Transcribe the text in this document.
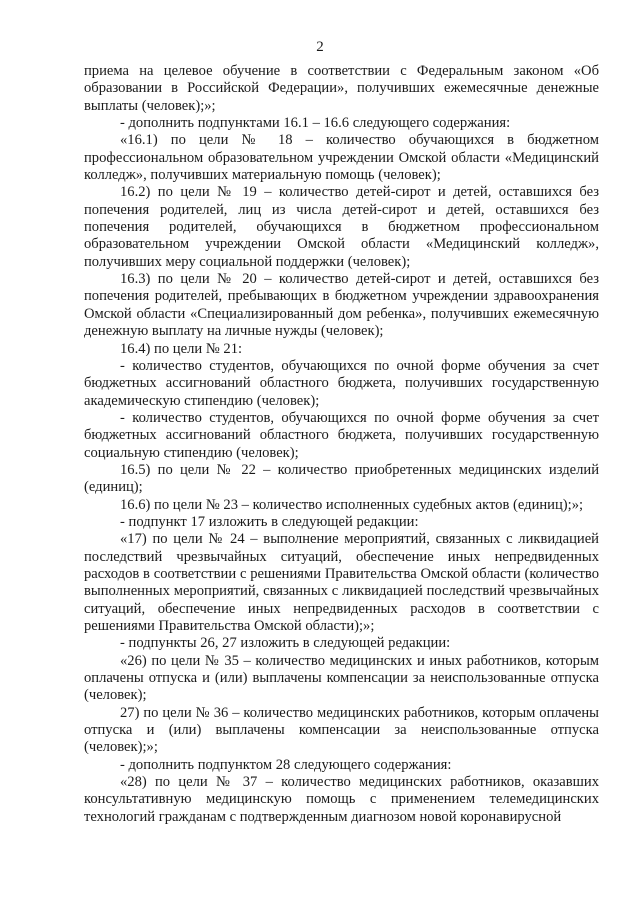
2

приема на целевое обучение в соответствии с Федеральным законом «Об образовании в Российской Федерации», получивших ежемесячные денежные выплаты (человек);»;

- дополнить подпунктами 16.1 – 16.6 следующего содержания:

«16.1) по цели № 18 – количество обучающихся в бюджетном профессиональном образовательном учреждении Омской области «Медицинский колледж», получивших материальную помощь (человек);

16.2) по цели № 19 – количество детей-сирот и детей, оставшихся без попечения родителей, лиц из числа детей-сирот и детей, оставшихся без попечения родителей, обучающихся в бюджетном профессиональном образовательном учреждении Омской области «Медицинский колледж», получивших меру социальной поддержки (человек);

16.3) по цели № 20 – количество детей-сирот и детей, оставшихся без попечения родителей, пребывающих в бюджетном учреждении здравоохранения Омской области «Специализированный дом ребенка», получивших ежемесячную денежную выплату на личные нужды (человек);

16.4) по цели № 21:

- количество студентов, обучающихся по очной форме обучения за счет бюджетных ассигнований областного бюджета, получивших государственную академическую стипендию (человек);

- количество студентов, обучающихся по очной форме обучения за счет бюджетных ассигнований областного бюджета, получивших государственную социальную стипендию (человек);

16.5) по цели № 22 – количество приобретенных медицинских изделий (единиц);

16.6) по цели № 23 – количество исполненных судебных актов (единиц);»;

- подпункт 17 изложить в следующей редакции:

«17) по цели № 24 – выполнение мероприятий, связанных с ликвидацией последствий чрезвычайных ситуаций, обеспечение иных непредвиденных расходов в соответствии с решениями Правительства Омской области (количество выполненных мероприятий, связанных с ликвидацией последствий чрезвычайных ситуаций, обеспечение иных непредвиденных расходов в соответствии с решениями Правительства Омской области);»;

- подпункты 26, 27 изложить в следующей редакции:

«26) по цели № 35 – количество медицинских и иных работников, которым оплачены отпуска и (или) выплачены компенсации за неиспользованные отпуска (человек);

27) по цели № 36 – количество медицинских работников, которым оплачены отпуска и (или) выплачены компенсации за неиспользованные отпуска (человек);»;

- дополнить подпунктом 28 следующего содержания:

«28) по цели № 37 – количество медицинских работников, оказавших консультативную медицинскую помощь с применением телемедицинских технологий гражданам с подтвержденным диагнозом новой коронавирусной
